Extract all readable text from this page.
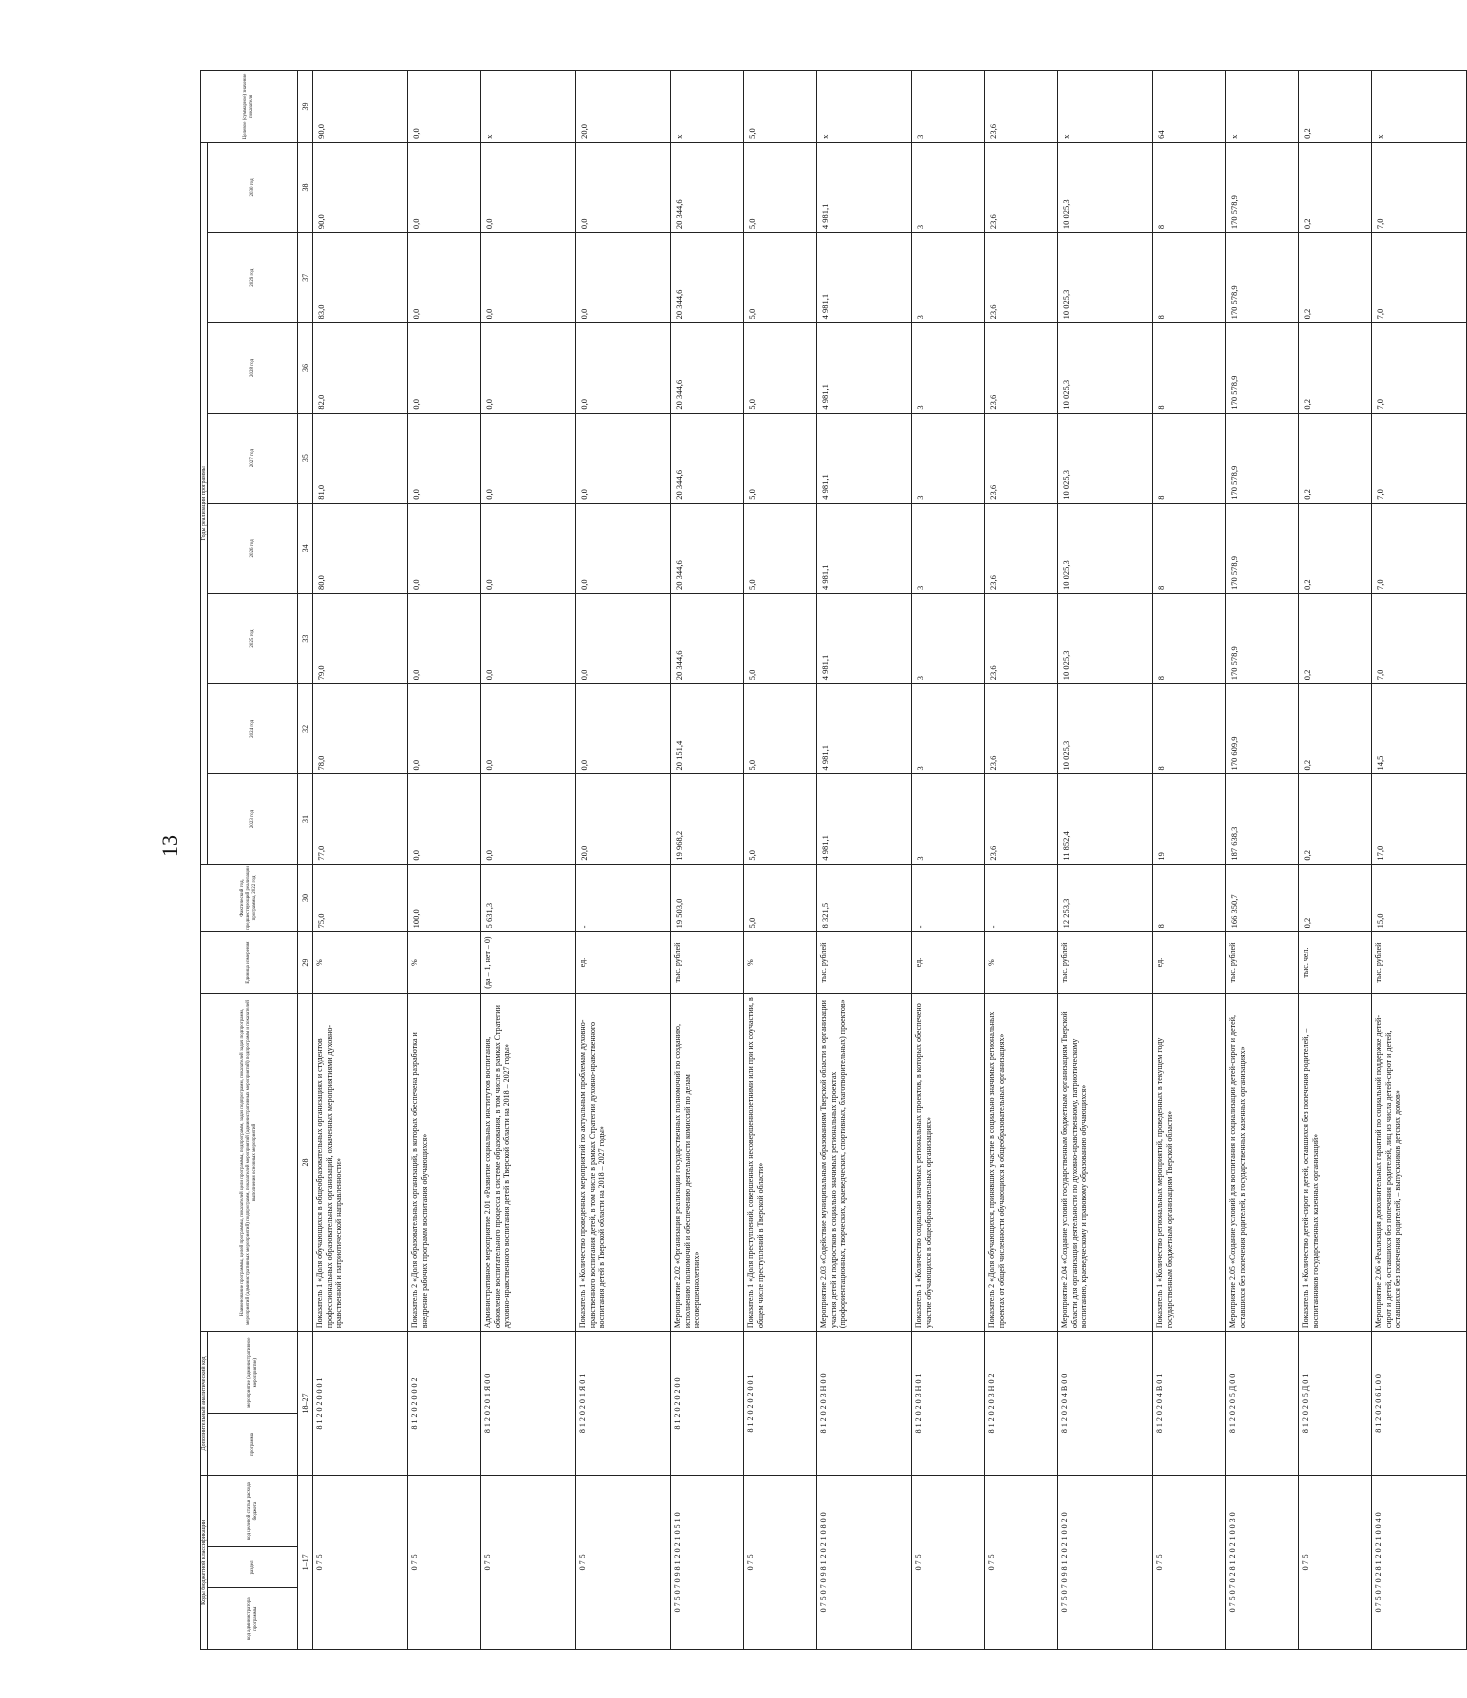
13
Коды бюджетной классификации			Дополнительный аналитический код		Наименование программы, целей программы, показателей цели программы, подпрограмм, задач подпрограмм, показателей задач подпрограмм, мероприятий (административных мероприятий) подпрограмм, показателей мероприятий (административных мероприятий) подпрограмм и показателей выполнения основных мероприятий	Единица измерения	Фактический год, предшествующий реализации программы, 2022 год	Годы реализации программы								Целевое (суммарное) значение показателя
код администратора программы	раздел	код целевой статьи расхода бюджета	программа	мероприятие (административное мероприятие)				2023 год	2024 год	2025 год	2026 год	2027 год	2028 год	2029 год	2030 год	
1–17			18–27		28	29	30	31	32	33	34	35	36	37	38	39
0 7 5			8 1 2 0 2 0 0 0 1		Показатель 1 «Доля обучающихся в общеобразовательных организациях и студентов профессиональных образовательных организаций, охваченных мероприятиями духовно-нравственной и патриотической направленности»	%	75,0	77,0	78,0	79,0	80,0	81,0	82,0	83,0	90,0	90,0
0 7 5			8 1 2 0 2 0 0 0 2		Показатель 2 «Доля образовательных организаций, в которых обеспечена разработка и внедрение рабочих программ воспитания обучающихся»	%	100,0	0,0	0,0	0,0	0,0	0,0	0,0	0,0	0,0	0,0
0 7 5			8 1 2 0 2 0 1 Я 0 0		Административное мероприятие 2.01 «Развитие социальных институтов воспитания, обновление воспитательного процесса в системе образования, в том числе в рамках Стратегии духовно-нравственного воспитания детей в Тверской области на 2018 – 2027 годы»	(да – 1, нет – 0)	5 631,3	0,0	0,0	0,0	0,0	0,0	0,0	0,0	0,0	x
0 7 5			8 1 2 0 2 0 1 Я 0 1		Показатель 1 «Количество проведенных мероприятий по актуальным проблемам духовно-нравственного воспитания детей, в том числе в рамках Стратегии духовно-нравственного воспитания детей в Тверской области на 2018 – 2027 годы»	ед.	-	20,0	0,0	0,0	0,0	0,0	0,0	0,0	0,0	20,0
0 7 5 0 7 0 9 8 1 2 0 2 1 0 5 1 0			8 1 2 0 2 0 2 0 0		Мероприятие 2.02 «Организация реализации государственных полномочий по созданию, исполнению полномочий и обеспечению деятельности комиссий по делам несовершеннолетних»	тыс. рублей	19 503,0	19 968,2	20 151,4	20 344,6	20 344,6	20 344,6	20 344,6	20 344,6	20 344,6	x
0 7 5			8 1 2 0 2 0 2 0 0 1		Показатель 1 «Доля преступлений, совершенных несовершеннолетними или при их соучастии, в общем числе преступлений в Тверской области»	%	5,0	5,0	5,0	5,0	5,0	5,0	5,0	5,0	5,0	5,0
0 7 5 0 7 0 9 8 1 2 0 2 1 0 8 0 0			8 1 2 0 2 0 3 Н 0 0		Мероприятие 2.03 «Содействие муниципальным образованиям Тверской области в организации участия детей и подростков в социально значимых региональных проектах (профориентационных, творческих, краеведческих, спортивных, благотворительных) проектов»	тыс. рублей	8 321,5	4 981,1	4 981,1	4 981,1	4 981,1	4 981,1	4 981,1	4 981,1	4 981,1	x
0 7 5			8 1 2 0 2 0 3 Н 0 1		Показатель 1 «Количество социально значимых региональных проектов, в которых обеспечено участие обучающихся в общеобразовательных организациях»	ед.	-	3	3	3	3	3	3	3	3	3
0 7 5			8 1 2 0 2 0 3 Н 0 2		Показатель 2 «Доля обучающихся, принявших участие в социально значимых региональных проектах от общей численности обучающихся в общеобразовательных организациях»	%	-	23,6	23,6	23,6	23,6	23,6	23,6	23,6	23,6	23,6
0 7 5 0 7 0 9 8 1 2 0 2 1 0 0 2 0			8 1 2 0 2 0 4 В 0 0		Мероприятие 2.04 «Создание условий государственным бюджетным организациям Тверской области для организации деятельности по духовно-нравственному, патриотическому воспитанию, краеведческому и правовому образованию обучающихся»	тыс. рублей	12 253,3	11 852,4	10 025,3	10 025,3	10 025,3	10 025,3	10 025,3	10 025,3	10 025,3	x
0 7 5			8 1 2 0 2 0 4 В 0 1		Показатель 1 «Количество региональных мероприятий, проведенных в текущем году государственным бюджетным организациям Тверской области»	ед.	8	19	8	8	8	8	8	8	8	64
0 7 5 0 7 0 2 8 1 2 0 2 1 0 0 3 0			8 1 2 0 2 0 5 Д 0 0		Мероприятие 2.05 «Создание условий для воспитания и социализации детей-сирот и детей, оставшихся без попечения родителей, в государственных казенных организациях»	тыс. рублей	166 350,7	187 638,3	170 609,9	170 578,9	170 578,9	170 578,9	170 578,9	170 578,9	170 578,9	x
0 7 5			8 1 2 0 2 0 5 Д 0 1		Показатель 1 «Количество детей-сирот и детей, оставшихся без попечения родителей, – воспитанников государственных казенных организаций»	тыс. чел.	0,2	0,2	0,2	0,2	0,2	0,2	0,2	0,2	0,2	0,2
0 7 5 0 7 0 2 8 1 2 0 2 1 0 0 4 0			8 1 2 0 2 0 6 L 0 0		Мероприятие 2.06 «Реализация дополнительных гарантий по социальной поддержке детей-сирот и детей, оставшихся без попечения родителей, лиц из числа детей-сирот и детей, оставшихся без попечения родителей, – выпускников детских домов»	тыс. рублей	15,0	17,0	14,5	7,0	7,0	7,0	7,0	7,0	7,0	x
